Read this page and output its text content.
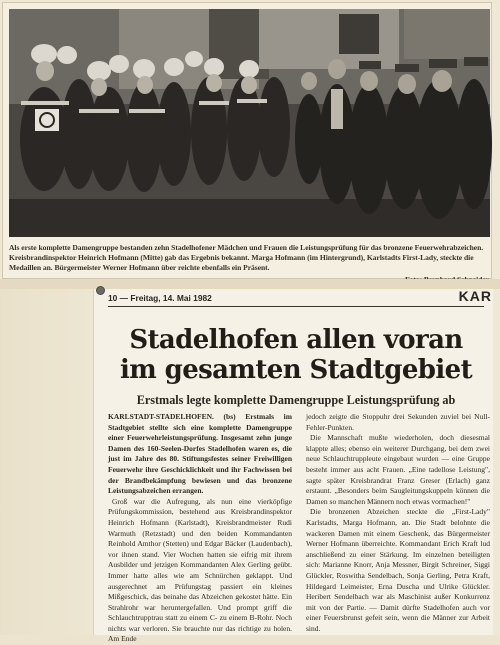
Als erste komplette Damengruppe bestanden zehn Stadelhofener Mädchen und Frauen die Leistungsprüfung für das bronzene Feuerwehrabzeichen. Kreisbrandinspektor Heinrich Hofmann (Mitte) gab das Ergebnis bekannt. Marga Hofmann (im Hintergrund), Karlstadts First-Lady, steckte die Medaillen an. Bürgermeister Werner Hofmann über reichte ebenfalls ein Präsent.
10 — Freitag, 14. Mai 1982	KAR
Stadelhofen allen voran
im gesamten Stadtgebiet
Erstmals legte komplette Damengruppe Leistungsprüfung ab

KARLSTADT-STADELHOFEN. (bs) Erstmals im Stadtgebiet stellte sich eine komplette Damengruppe einer Feuerwehrleistungsprüfung. Insgesamt zehn junge Damen des 160-Seelen-Dorfes Stadelhofen waren es, die just im Jahre des 80. Stiftungsfestes seiner Freiwilligen Feuerwehr ihre Geschicklichkeit und ihr Fachwissen bei der Brandbekämpfung bewiesen und das bronzene Leistungsabzeichen errangen.

Groß war die Aufregung, als nun eine vierköpfige Prüfungskommission, bestehend aus Kreisbrandinspektor Heinrich Hofmann (Karlstadt), Kreisbrandmeister Rudi Warmuth (Retzstadt) und den beiden Kommandanten Reinhold Amthor (Stetten) und Edgar Bäcker (Laudenbach), vor ihnen stand. Vier Wochen hatten sie eifrig mit ihrem Ausbilder und jetzigen Kommandanten Alex Gerling geübt. Immer hatte alles wie am Schnürchen geklappt. Und ausgerechnet am Prüfungstag passiert ein kleines Mißgeschick, das beinahe das Abzeichen gekostet hätte. Ein Strahlrohr war heruntergefallen. Und prompt griff die Schlauchtrupptrau statt zu einem C- zu einem B-Rohr. Noch nichts war verloren. Sie brauchte nur das richtige zu holen. Am Ende

jedoch zeigte die Stoppuhr drei Sekunden zuviel bei Null-Fehler-Punkten.

Die Mannschaft mußte wiederholen, doch diesesmal klappte alles; ebenso ein weiterer Durchgang, bei dem zwei neue Schlauchtruppleute eingebaut wurden — eine Gruppe besteht immer aus acht Frauen. „Eine tadellose Leistung", sagte später Kreisbrandrat Franz Greser (Erlach) ganz erstaunt. „Besonders beim Saugleitungskuppeln können die Damen so manchen Männern noch etwas vormachen!"

Die bronzenen Abzeichen steckte die „First-Lady" Karlstadts, Marga Hofmann, an. Die Stadt belohnte die wackeren Damen mit einem Geschenk, das Bürgermeister Werner Hofmann überreichte. Kommandant Erich Kraft lud anschließend zu einer Stärkung. Im einzelnen beteiligten sich: Marianne Knorr, Anja Messner, Birgit Schreiner, Siggi Glückler, Roswitha Sendelbach, Sonja Gerling, Petra Kraft, Hildegard Leimeister, Erna Duscha und Ulrike Glückler. Heribert Sendelbach war als Maschinist außer Konkurrenz mit von der Partie. — Damit dürfte Stadelhofen auch vor einer Feuersbrunst gefeit sein, wenn die Männer zur Arbeit sind.
